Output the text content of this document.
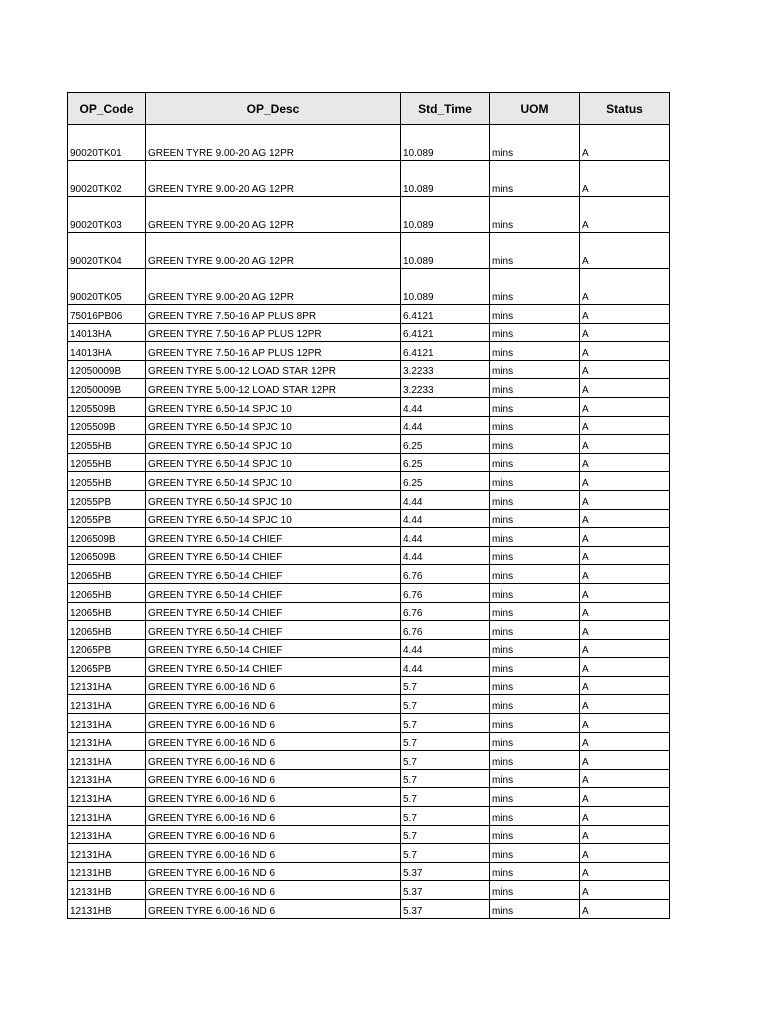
OP_Code	OP_Desc	Std_Time	UOM	Status
90020TK01	GREEN TYRE 9.00-20 AG 12PR	10.089	mins	A
90020TK02	GREEN TYRE 9.00-20 AG 12PR	10.089	mins	A
90020TK03	GREEN TYRE 9.00-20 AG 12PR	10.089	mins	A
90020TK04	GREEN TYRE 9.00-20 AG 12PR	10.089	mins	A
90020TK05	GREEN TYRE 9.00-20 AG 12PR	10.089	mins	A
75016PB06	GREEN TYRE 7.50-16 AP PLUS 8PR	6.4121	mins	A
14013HA	GREEN TYRE 7.50-16 AP PLUS 12PR	6.4121	mins	A
14013HA	GREEN TYRE 7.50-16 AP PLUS 12PR	6.4121	mins	A
12050009B	GREEN TYRE 5.00-12 LOAD STAR 12PR	3.2233	mins	A
12050009B	GREEN TYRE 5.00-12 LOAD STAR 12PR	3.2233	mins	A
1205509B	GREEN TYRE 6.50-14 SPJC 10	4.44	mins	A
1205509B	GREEN TYRE 6.50-14 SPJC 10	4.44	mins	A
12055HB	GREEN TYRE 6.50-14 SPJC 10	6.25	mins	A
12055HB	GREEN TYRE 6.50-14 SPJC 10	6.25	mins	A
12055HB	GREEN TYRE 6.50-14 SPJC 10	6.25	mins	A
12055PB	GREEN TYRE 6.50-14 SPJC 10	4.44	mins	A
12055PB	GREEN TYRE 6.50-14 SPJC 10	4.44	mins	A
1206509B	GREEN TYRE 6.50-14 CHIEF	4.44	mins	A
1206509B	GREEN TYRE 6.50-14 CHIEF	4.44	mins	A
12065HB	GREEN TYRE 6.50-14 CHIEF	6.76	mins	A
12065HB	GREEN TYRE 6.50-14 CHIEF	6.76	mins	A
12065HB	GREEN TYRE 6.50-14 CHIEF	6.76	mins	A
12065HB	GREEN TYRE 6.50-14 CHIEF	6.76	mins	A
12065PB	GREEN TYRE 6.50-14 CHIEF	4.44	mins	A
12065PB	GREEN TYRE 6.50-14 CHIEF	4.44	mins	A
12131HA	GREEN TYRE 6.00-16 ND 6	5.7	mins	A
12131HA	GREEN TYRE 6.00-16 ND 6	5.7	mins	A
12131HA	GREEN TYRE 6.00-16 ND 6	5.7	mins	A
12131HA	GREEN TYRE 6.00-16 ND 6	5.7	mins	A
12131HA	GREEN TYRE 6.00-16 ND 6	5.7	mins	A
12131HA	GREEN TYRE 6.00-16 ND 6	5.7	mins	A
12131HA	GREEN TYRE 6.00-16 ND 6	5.7	mins	A
12131HA	GREEN TYRE 6.00-16 ND 6	5.7	mins	A
12131HA	GREEN TYRE 6.00-16 ND 6	5.7	mins	A
12131HA	GREEN TYRE 6.00-16 ND 6	5.7	mins	A
12131HB	GREEN TYRE 6.00-16 ND 6	5.37	mins	A
12131HB	GREEN TYRE 6.00-16 ND 6	5.37	mins	A
12131HB	GREEN TYRE 6.00-16 ND 6	5.37	mins	A
